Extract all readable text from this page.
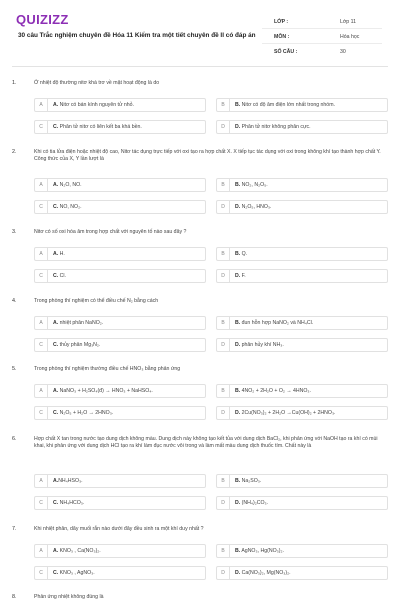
QUIZIZZ
30 câu Trắc nghiệm chuyên đề Hóa 11 Kiểm tra một tiết chuyên đề II có đáp án
LỚP :	Lớp 11
MÔN :	Hóa học
SỐ CÂU :	30
1.	Ở nhiệt độ thường nitơ khá trơ về mặt hoạt động là do
A	A. Nitơ có bán kính nguyên tử nhỏ.	B	B. Nitơ có độ âm điện lớn nhất trong nhóm.
C	C. Phân tử nitơ có liên kết ba khá bền.	D	D. Phân tử nitơ không phân cực.
2.	Khi có tia lửa điện hoặc nhiệt độ cao, Nitơ tác dụng trực tiếp với oxi tạo ra hợp chất X. X tiếp tục tác dụng với oxi trong không khí tạo thành hợp chất Y. Công thức của X, Y lần lượt là
A	A. N₂O, NO.	B	B. NO₂, N₂O₅.
C	C. NO, NO₂.	D	D. N₂O₅, HNO₃.
3.	Nitơ có số oxi hóa âm trong hợp chất với nguyên tố nào sau đây ?
A	A. H.	B	B. Q.
C	C. Cl.	D	D. F.
4.	Trong phòng thí nghiệm có thể điều chế N₂ bằng cách
A	A. nhiệt phân NaNO₂.	B	B. đun hỗn hợp NaNO₂ và NH₄Cl.
C	C. thủy phân Mg₃N₂.	D	D. phân hủy khí NH₃.
5.	Trong phòng thí nghiệm thường điều chế HNO₃ bằng phản ứng
A	A. NaNO₃ + H₂SO₄(đ) → HNO₃ + NaHSO₄.	B	B. 4NO₂ + 2H₂O + O₂ → 4HNO₃.
C	C. N₂O₅ + H₂O → 2HNO₃.	D	D. 2Cu(NO₃)₂ + 2H₂O →Cu(OH)₂ + 2HNO₃.
6.	Hợp chất X tan trong nước tạo dung dịch không màu. Dung dịch này không tạo kết tủa với dung dịch BaCl₂, khi phản ứng với NaOH tạo ra khí có mùi khai, khi phản ứng với dung dịch HCl tạo ra khí làm đục nước vôi trong và làm mất màu dung dịch thuốc tím. Chất này là
A	A.NH₄HSO₃.	B	B. Na₂SO₃.
C	C. NH₄HCO₃.	D	D. (NH₄)₂CO₃.
7.	Khi nhiệt phân, dãy muối rắn nào dưới đây đều sinh ra một khí duy nhất ?
A	A. KNO₃ , Ca(NO₃)₂.	B	B. AgNO₃, Hg(NO₃)₂.
C	C. KNO₃ , AgNO₃.	D	D. Ca(NO₃)₂, Mg(NO₃)₂.
8.	Phản ứng nhiệt không đúng là
